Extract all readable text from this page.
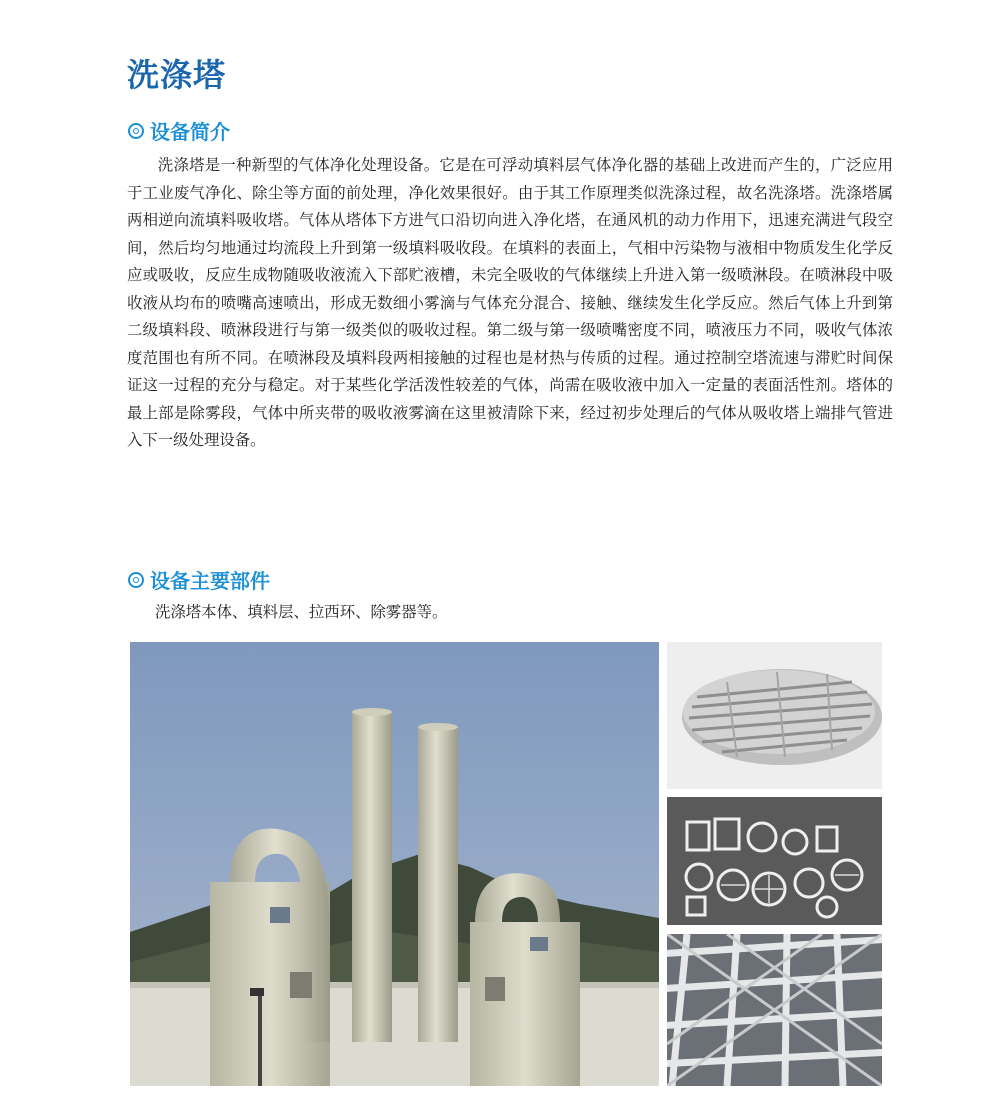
洗涤塔
设备简介

洗涤塔是一种新型的气体净化处理设备。它是在可浮动填料层气体净化器的基础上改进而产生的，广泛应用于工业废气净化、除尘等方面的前处理，净化效果很好。由于其工作原理类似洗涤过程，故名洗涤塔。洗涤塔属两相逆向流填料吸收塔。气体从塔体下方进气口沿切向进入净化塔，在通风机的动力作用下，迅速充满进气段空间，然后均匀地通过均流段上升到第一级填料吸收段。在填料的表面上，气相中污染物与液相中物质发生化学反应或吸收，反应生成物随吸收液流入下部贮液槽，未完全吸收的气体继续上升进入第一级喷淋段。在喷淋段中吸收液从均布的喷嘴高速喷出，形成无数细小雾滴与气体充分混合、接触、继续发生化学反应。然后气体上升到第二级填料段、喷淋段进行与第一级类似的吸收过程。第二级与第一级喷嘴密度不同，喷液压力不同，吸收气体浓度范围也有所不同。在喷淋段及填料段两相接触的过程也是材热与传质的过程。通过控制空塔流速与滞贮时间保证这一过程的充分与稳定。对于某些化学活泼性较差的气体，尚需在吸收液中加入一定量的表面活性剂。塔体的最上部是除雾段，气体中所夹带的吸收液雾滴在这里被清除下来，经过初步处理后的气体从吸收塔上端排气管进入下一级处理设备。

设备主要部件

洗涤塔本体、填料层、拉西环、除雾器等。
